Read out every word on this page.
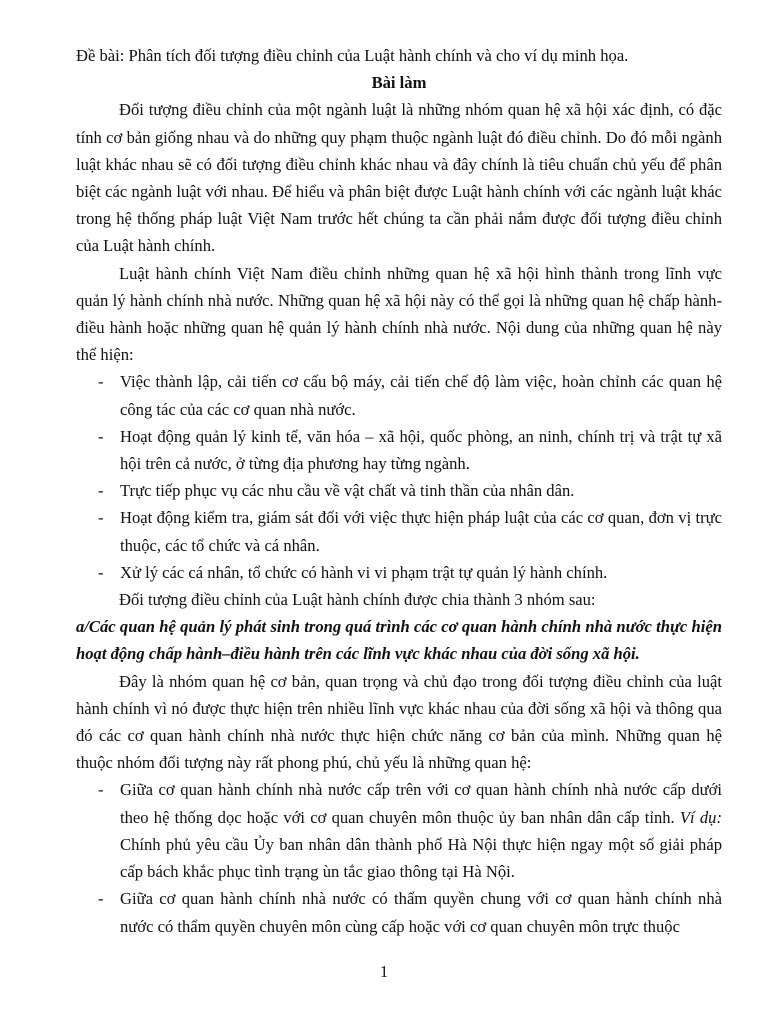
Đề bài: Phân tích đối tượng điều chỉnh của Luật hành chính và cho ví dụ minh họa.

Bài làm

Đối tượng điều chỉnh của một ngành luật là những nhóm quan hệ xã hội xác định, có đặc tính cơ bản giống nhau và do những quy phạm thuộc ngành luật đó điều chỉnh. Do đó mỗi ngành luật khác nhau sẽ có đối tượng điều chỉnh khác nhau và đây chính là tiêu chuẩn chủ yếu để phân biệt các ngành luật với nhau. Để hiểu và phân biệt được Luật hành chính với các ngành luật khác trong hệ thống pháp luật Việt Nam trước hết chúng ta cần phải nắm được đối tượng điều chỉnh của Luật hành chính.

Luật hành chính Việt Nam điều chỉnh những quan hệ xã hội hình thành trong lĩnh vực quản lý hành chính nhà nước. Những quan hệ xã hội này có thể gọi là những quan hệ chấp hành-điều hành hoặc những quan hệ quản lý hành chính nhà nước. Nội dung của những quan hệ này thể hiện:

- Việc thành lập, cải tiến cơ cấu bộ máy, cải tiến chế độ làm việc, hoàn chỉnh các quan hệ công tác của các cơ quan nhà nước.
- Hoạt động quản lý kinh tế, văn hóa – xã hội, quốc phòng, an ninh, chính trị và trật tự xã hội trên cả nước, ở từng địa phương hay từng ngành.
- Trực tiếp phục vụ các nhu cầu về vật chất và tinh thần của nhân dân.
- Hoạt động kiểm tra, giám sát đối với việc thực hiện pháp luật của các cơ quan, đơn vị trực thuộc, các tổ chức và cá nhân.
- Xử lý các cá nhân, tổ chức có hành vi vi phạm trật tự quản lý hành chính.

Đối tượng điều chỉnh của Luật hành chính được chia thành 3 nhóm sau:

a/Các quan hệ quản lý phát sinh trong quá trình các cơ quan hành chính nhà nước thực hiện hoạt động chấp hành–điều hành trên các lĩnh vực khác nhau của đời sống xã hội.

Đây là nhóm quan hệ cơ bản, quan trọng và chủ đạo trong đối tượng điều chỉnh của luật hành chính vì nó được thực hiện trên nhiều lĩnh vực khác nhau của đời sống xã hội và thông qua đó các cơ quan hành chính nhà nước thực hiện chức năng cơ bản của mình. Những quan hệ thuộc nhóm đối tượng này rất phong phú, chủ yếu là những quan hệ:

- Giữa cơ quan hành chính nhà nước cấp trên với cơ quan hành chính nhà nước cấp dưới theo hệ thống dọc hoặc với cơ quan chuyên môn thuộc ủy ban nhân dân cấp tỉnh. Ví dụ: Chính phủ yêu cầu Ủy ban nhân dân thành phố Hà Nội thực hiện ngay một số giải pháp cấp bách khắc phục tình trạng ùn tắc giao thông tại Hà Nội.
- Giữa cơ quan hành chính nhà nước có thẩm quyền chung với cơ quan hành chính nhà nước có thẩm quyền chuyên môn cùng cấp hoặc với cơ quan chuyên môn trực thuộc
1
